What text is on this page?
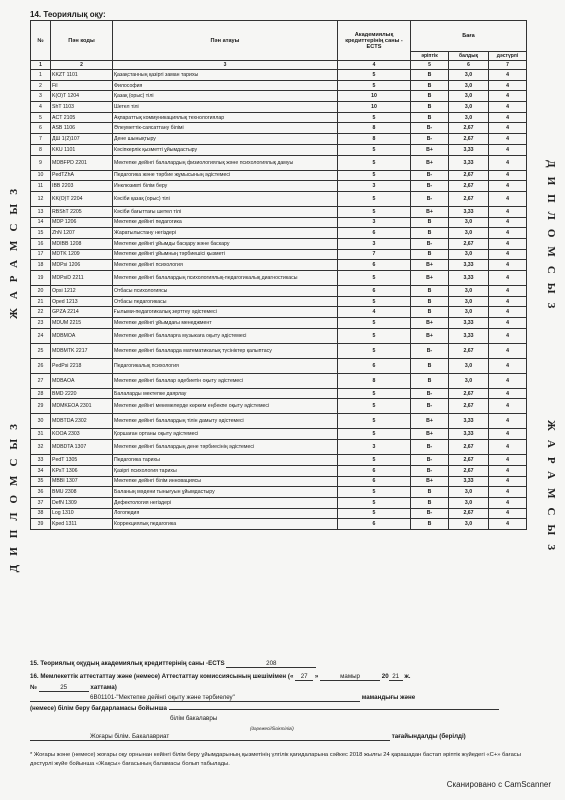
14. Теориялық оқу:
ЖАРАМСЫЗ
ДИПЛОМСЫЗ
ДИПЛОМСЫЗ
ЖАРАМСЫЗ
№	Пән коды	Пән атауы	Академиялық кредиттерінің саны - ECTS	Баға		
				әріптік	балдық	дәстүрлі
1	2	3	4	5	6	7
1	KKZT 1101	Қазақстанның қазіргі заман тарихы	5	B	3,0	4
2	Fil	Философия	5	B	3,0	4
3	K(O)T 1204	Қазақ (орыс) тілі	10	B	3,0	4
4	ShT 1103	Шетел тілі	10	B	3,0	4
5	ACT 2105	Ақпараттық коммуникациялық технологиялар	5	B	3,0	4
6	ASB 1106	Әлеуметтік-саясаттану білімі	8	B-	2,67	4
7	ДШ 1(2)107	Дене шынықтыру	8	B-	2,67	4
8	KKU 1101	Кәсіпкерлік қызметті ұйымдастыру	5	B+	3,33	4
9	MDBFPD 2201	Мектепке дейінгі балалардың физиологиялық және психологиялық дамуы	5	B+	3,33	4
10	PedTZhA	Педагогика және тәрбие жұмысының әдістемесі	5	B-	2,67	4
11	IBB 2203	Инклюзивті білім беру	3	B-	2,67	4
12	KK(O)T 2204	Кәсіби қазақ (орыс) тілі	5	B-	2,67	4
13	RBShT 2205	Кәсіби бағыттағы шетел тілі	5	B+	3,33	4
14	MDP 1206	Мектепке дейінгі педагогика	3	B	3,0	4
15	ZhN 1207	Жаратылыстану негіздері	6	B	3,0	4
16	MDIBB 1208	Мектепке дейінгі ұйымды басқару және баскару	3	B-	2,67	4
17	MDTK 1209	Мектепке дейінгі ұйымның тәрбиешісі қызметі	7	B	3,0	4
18	MDPsi 1206	Мектепке дейінгі психология	6	B+	3,33	4
19	MDPsiD 2211	Мектепке дейінгі балалардың психологиялық-педагогикалық диагностикасы	5	B+	3,33	4
20	Opsi 1212	Отбасы психологиясы	6	B	3,0	4
21	Oped 1213	Отбасы педагогикасы	5	B	3,0	4
22	GPZA 2214	Ғылыми-педагогикалық зерттеу әдістемесі	4	B	3,0	4
23	MDUM 2215	Мектепке дейінгі ұйымдағы менеджмент	5	B+	3,33	4
24	MDBMOA	Мектепке дейінгі балаларға музыкаға оқыту әдістемесі	5	B+	3,33	4
25	MDBMTK 2217	Мектепке дейінгі балаларда математикалық түсініктер қалыптасу	5	B-	2,67	4
26	PedPsi 2218	Педагогикалық психология	6	B	3,0	4
27	MDBAOA	Мектепке дейінгі балалар әдебиетін оқыту әдістемесі	8	B	3,0	4
28	BMD 2220	Балаларды мектепке даярлау	5	B-	2,67	4
29	MDMKEOA 2301	Мектепке дейінгі мекемелерде көркем еңбекпе оқыту әдістемесі	5	B-	2,67	4
30	MDBTDA 2302	Мектепке дейінгі балалардың тілін дамыту әдістемесі	5	B+	3,33	4
31	KOOA 2303	Қоршаған ортаны оқыту әдістемесі	5	B+	3,33	4
32	MDBDTA 1307	Мектепке дейінгі балалардың дене тәрбиесінің әдістемесі	3	B-	2,67	4
33	PedT 1305	Педагогика тарихы	5	B-	2,67	4
34	KPsT 1306	Қазіргі психология тарихы	6	B-	2,67	4
35	MBBI 1307	Мектепке дейінгі білім инновациясы	6	B+	3,33	4
36	BMU 2308	Баланың мәдени тынығуын ұйымдастыру	5	B	3,0	4
37	DefN 1309	Дефектология негіздері	5	B	3,0	4
38	Log 1310	Логопедия	5	B-	2,67	4
39	Kped 1311	Коррекциялық педагогика	6	B	3,0	4
15. Теориялық оқудың академиялық кредиттерінің саны -ECTS	208
16. Мемлекеттік аттестаттау және (немесе) Аттестаттау комиссиясының шешімімен (« 27 »	мамыр	20 21 ж.
№	25	хаттама)
6B01101-"Мектепке дейінгі оқыту және тәрбиелеу"	мамандығы және
(немесе) білім беру бағдарламасы бойынша
білім бакалавры
(дәрежесі/біліктілігі)
Жоғары білім. Бакалавриат	тағайындалды (берілді)
* Жоғары және (немесе) жоғары оқу орнынан кейінгі білім беру ұйымдарының қызметінің үлгілік қағидаларына сәйкес 2018 жылғы 24 қарашадан бастап әріптік жүйедегі «С+» бағасы дәстүрлі жүйе бойынша «Жақсы» бағасының баламасы болып табылады.
Сканировано с CamScanner
